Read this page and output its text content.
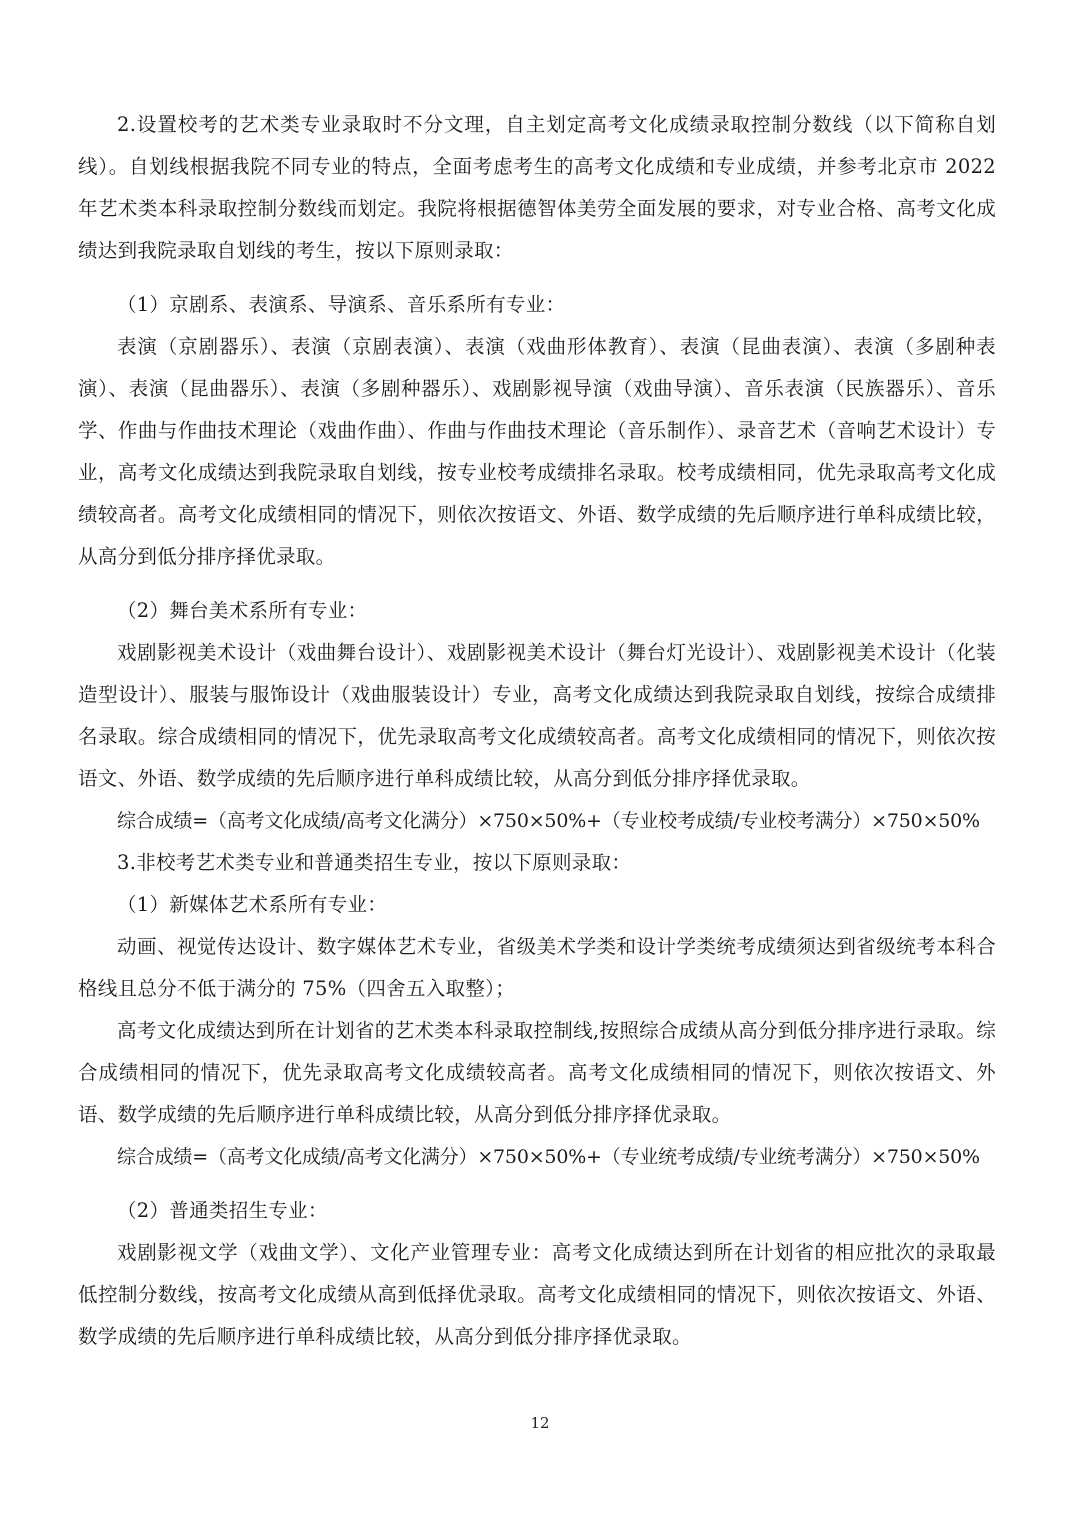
2.设置校考的艺术类专业录取时不分文理，自主划定高考文化成绩录取控制分数线（以下简称自划线）。自划线根据我院不同专业的特点，全面考虑考生的高考文化成绩和专业成绩，并参考北京市 2022 年艺术类本科录取控制分数线而划定。我院将根据德智体美劳全面发展的要求，对专业合格、高考文化成绩达到我院录取自划线的考生，按以下原则录取：

（1）京剧系、表演系、导演系、音乐系所有专业：

表演（京剧器乐）、表演（京剧表演）、表演（戏曲形体教育）、表演（昆曲表演）、表演（多剧种表演）、表演（昆曲器乐）、表演（多剧种器乐）、戏剧影视导演（戏曲导演）、音乐表演（民族器乐）、音乐学、作曲与作曲技术理论（戏曲作曲）、作曲与作曲技术理论（音乐制作）、录音艺术（音响艺术设计）专业，高考文化成绩达到我院录取自划线，按专业校考成绩排名录取。校考成绩相同，优先录取高考文化成绩较高者。高考文化成绩相同的情况下，则依次按语文、外语、数学成绩的先后顺序进行单科成绩比较，从高分到低分排序择优录取。

（2）舞台美术系所有专业：

戏剧影视美术设计（戏曲舞台设计）、戏剧影视美术设计（舞台灯光设计）、戏剧影视美术设计（化装造型设计）、服装与服饰设计（戏曲服装设计）专业，高考文化成绩达到我院录取自划线，按综合成绩排名录取。综合成绩相同的情况下，优先录取高考文化成绩较高者。高考文化成绩相同的情况下，则依次按语文、外语、数学成绩的先后顺序进行单科成绩比较，从高分到低分排序择优录取。

综合成绩=（高考文化成绩/高考文化满分）×750×50%+（专业校考成绩/专业校考满分）×750×50%

3.非校考艺术类专业和普通类招生专业，按以下原则录取：

（1）新媒体艺术系所有专业：

动画、视觉传达设计、数字媒体艺术专业，省级美术学类和设计学类统考成绩须达到省级统考本科合格线且总分不低于满分的 75%（四舍五入取整）；

高考文化成绩达到所在计划省的艺术类本科录取控制线,按照综合成绩从高分到低分排序进行录取。综合成绩相同的情况下，优先录取高考文化成绩较高者。高考文化成绩相同的情况下，则依次按语文、外语、数学成绩的先后顺序进行单科成绩比较，从高分到低分排序择优录取。

综合成绩=（高考文化成绩/高考文化满分）×750×50%+（专业统考成绩/专业统考满分）×750×50%

（2）普通类招生专业：

戏剧影视文学（戏曲文学）、文化产业管理专业：高考文化成绩达到所在计划省的相应批次的录取最低控制分数线，按高考文化成绩从高到低择优录取。高考文化成绩相同的情况下，则依次按语文、外语、数学成绩的先后顺序进行单科成绩比较，从高分到低分排序择优录取。

12
